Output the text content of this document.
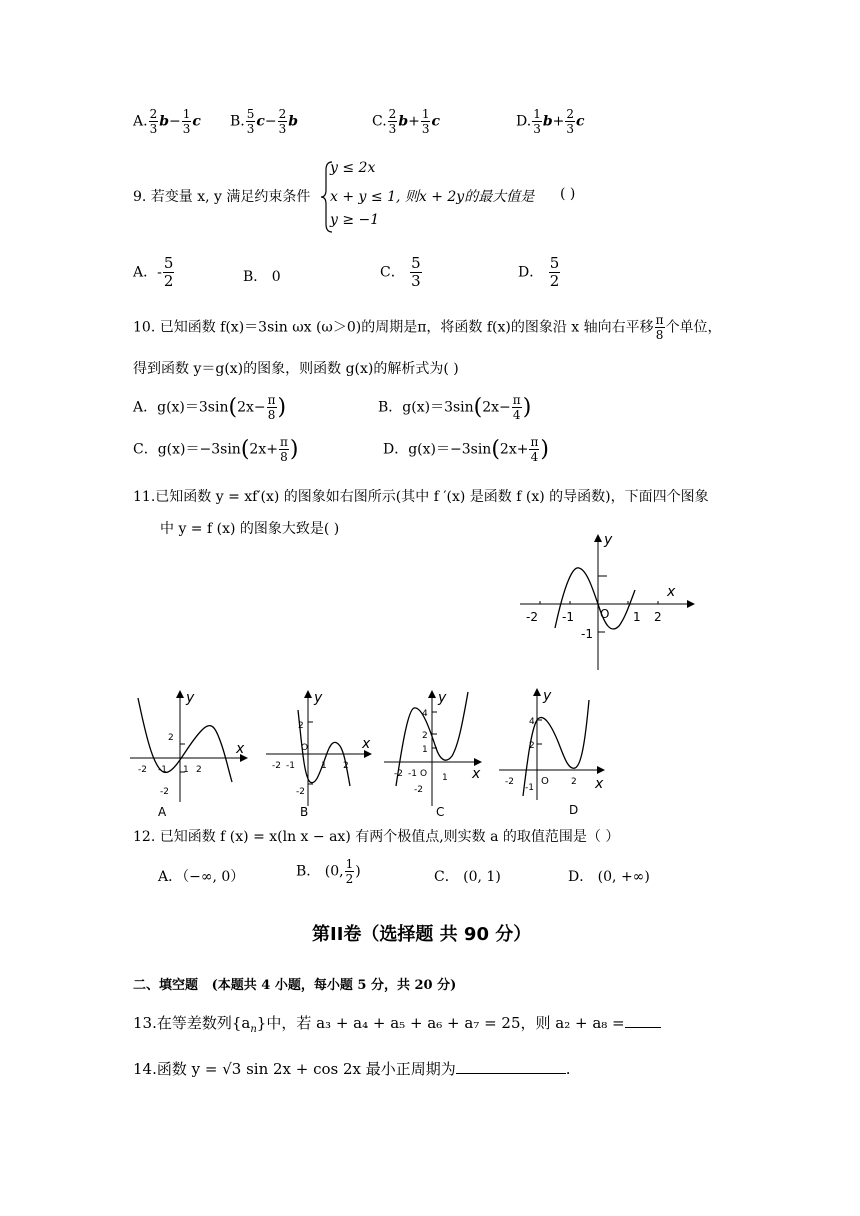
A. $\frac{2}{3} b- \frac{1}{3}$ c B. $\frac{5}{3} c- \frac{2}{3}$ b	C. $\frac{2}{3} b+ \frac{1}{3}$ c	D. $\frac{1}{3} b+ \frac{2}{3}$ c
9. 若变量 x, y 满足约束条件
y ≤ 2x
x + y ≤ 1, 则x + 2y的最大值是
y ≥ −1
( )
A．- $\frac{5}{2}$	B． 0	C． $\frac{5}{3}$	D． $\frac{5}{2}$
10. 已知函数 f(x)＝3sin ωx (ω＞0)的周期是π，将函数 f(x)的图象沿 x 轴向右平移 $\frac{\pi}{8}$ 个单位，
得到函数 y＝g(x)的图象，则函数 g(x)的解析式为( )
A．$g(x)=3\sin(2x- \frac{\pi}{8}$ )	B．$g(x)=3\sin(2x- \frac{\pi}{4}$ )
C．$g(x)=-3\sin(2x+ \frac{\pi}{8}$ )	D．$g(x)=-3\sin(2x+ \frac{\pi}{4}$ )
11.已知函数 y = xf′(x) 的图象如右图所示(其中 f ′(x) 是函数 f (x) 的导函数)，下面四个图象
中 y = f (x) 的图象大致是( )
x
y
-2 -1 O 1 2
-1
x
y
-2 -1 1 2
2
-2
A
x
y
-2 -1	1 2
2
-2
O
B
x
y
-2 -1	1
4
2
1
-2
O
C
x
y
-2
-1
2
4
2
O
D
12. 已知函数 f (x) = x(ln x − ax) 有两个极值点,则实数 a 的取值范围是（ ）
A．（−∞, 0）	B． (0, $\frac{1}{2}$ )	C． (0, 1)	D． (0, +∞)
第II卷（选择题 共 90 分）
二、填空题 (本题共 4 小题，每小题 5 分，共 20 分)
13.在等差数列$\{a_n\}$中，若 a₃ + a₄ + a₅ + a₆ + a₇ = 25，则 a₂ + a₈ =
14.函数 y = √3 sin 2x + cos 2x 最小正周期为	.
